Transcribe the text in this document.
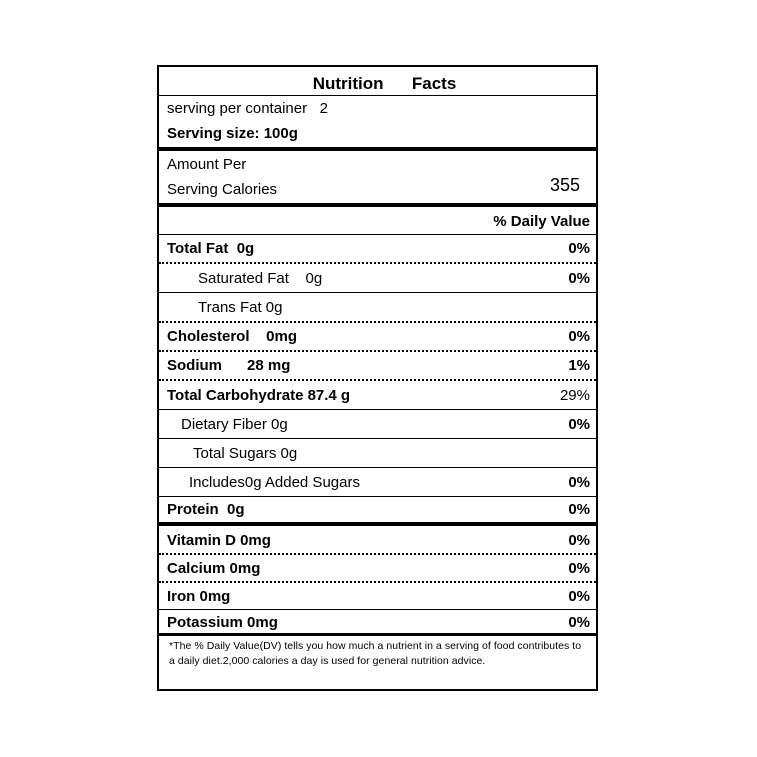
Nutrition      Facts
serving per container   2
Serving size: 100g
Amount Per
Serving Calories	355
% Daily Value
Total Fat  0g	0%
Saturated Fat    0g	0%
Trans Fat 0g
Cholesterol    0mg	0%
Sodium      28 mg	1%
Total Carbohydrate 87.4 g	29%
Dietary Fiber 0g	0%
Total Sugars 0g
Includes0g Added Sugars	0%
Protein  0g	0%
Vitamin D 0mg	0%
Calcium 0mg	0%
Iron 0mg	0%
Potassium 0mg	0%
*The % Daily Value(DV) tells you how much a nutrient in a serving of food contributes to a daily diet.2,000 calories a day is used for general nutrition advice.
